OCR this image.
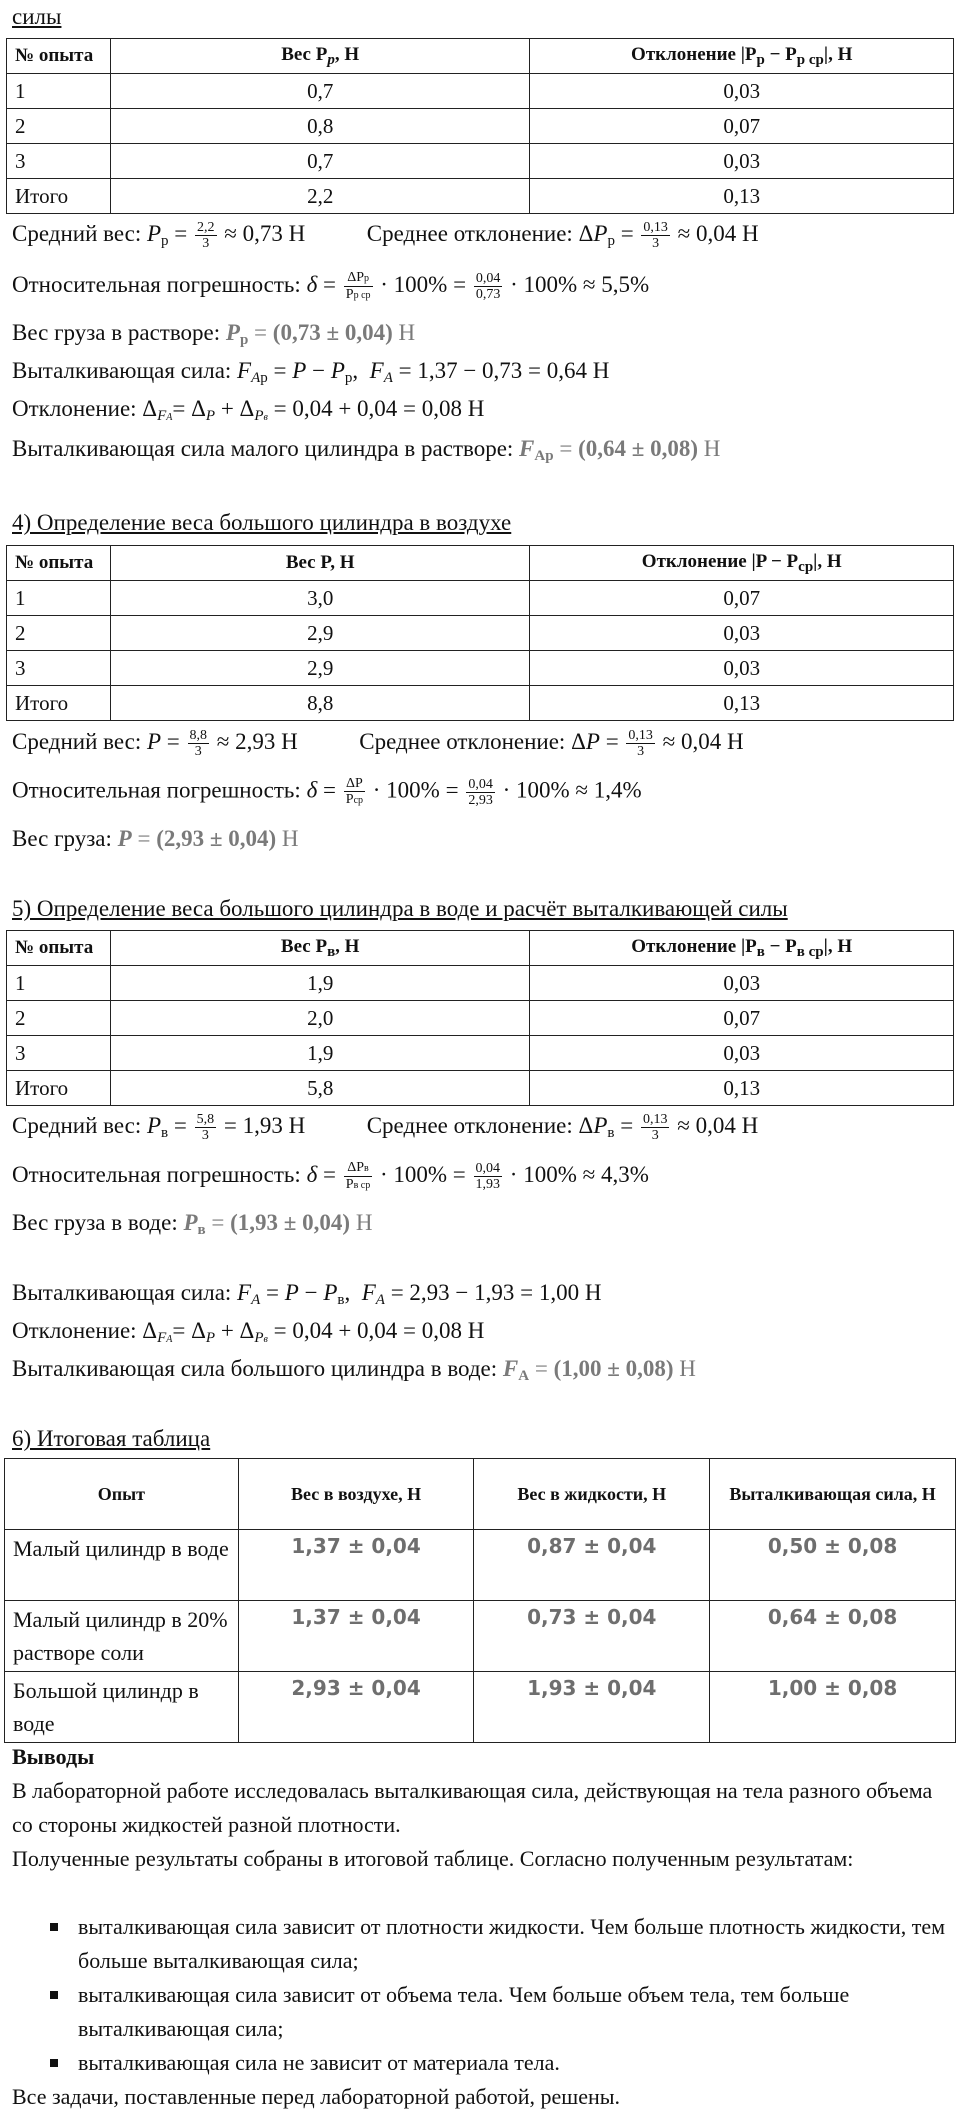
силы
№ опыта	Вес $P_р$, Н	Отклонение $|P_р - P_{р ср}|$, Н
1	0,7	0,03
2	0,8	0,07
3	0,7	0,03
Итого	2,2	0,13
Средний вес: $P_р = \frac{2,2}{3} \approx 0,73$ Н	Среднее отклонение: $\Delta P_р = \frac{0,13}{3} \approx 0,04$ Н
Относительная погрешность: $\delta = \frac{\text{ΔPр}}{\text{Pр ср}} \cdot 100\% = \frac{0,04}{0,73} \cdot 100\% \approx 5,5\%$
Вес груза в растворе: $P_р = (0,73 \pm 0,04)$ Н
Выталкивающая сила: $F_{Aр} = P - P_р$,  $F_A = 1,37 - 0,73 = 0,64$ Н
Отклонение: $\Delta_{FA}= \Delta_P + \Delta_{Pв} = 0,04 + 0,04 = 0,08$ Н
Выталкивающая сила малого цилиндра в растворе: $F_{Aр} = (0,64 \pm 0,08)$ Н
4) Определение веса большого цилиндра в воздухе
№ опыта	Вес P, Н	Отклонение $|P - P_{ср}|$, Н
1	3,0	0,07
2	2,9	0,03
3	2,9	0,03
Итого	8,8	0,13
Средний вес: $P = \frac{8,8}{3} \approx 2,93$ Н	Среднее отклонение: $\Delta P = \frac{0,13}{3} \approx 0,04$ Н
Относительная погрешность: $\delta = \frac{\Delta P}{\text{Pср}} \cdot 100\% = \frac{0,04}{2,93} \cdot 100\% \approx 1,4\%$
Вес груза: P = (2,93 ± 0,04) Н
5) Определение веса большого цилиндра в воде и расчёт выталкивающей силы
№ опыта	Вес $P_в$, Н	Отклонение $|P_в - P_{в ср}|$, Н
1	1,9	0,03
2	2,0	0,07
3	1,9	0,03
Итого	5,8	0,13
Средний вес: $P_в = \frac{5,8}{3} = 1,93$ Н	Среднее отклонение: $\Delta P_в = \frac{0,13}{3} \approx 0,04$ Н
Относительная погрешность: $\delta = \frac{\text{ΔPв}}{\text{Pв ср}} \cdot 100\% = \frac{0,04}{1,93} \cdot 100\% \approx 4,3\%$
Вес груза в воде: $P_в = (1,93 \pm 0,04)$ Н
Выталкивающая сила: $F_A = P - P_в$,  $F_A = 2,93 - 1,93 = 1,00$ Н
Отклонение: $\Delta_{FA}= \Delta_P + \Delta_{Pв} = 0,04 + 0,04 = 0,08$ Н
Выталкивающая сила большого цилиндра в воде: $F_A = (1,00 \pm 0,08)$ Н
6) Итоговая таблица
Опыт	Вес в воздухе, Н	Вес в жидкости, Н	Выталкивающая сила, Н
Малый цилиндр в воде	1,37 ± 0,04	0,87 ± 0,04	0,50 ± 0,08
Малый цилиндр в 20% растворе соли	1,37 ± 0,04	0,73 ± 0,04	0,64 ± 0,08
Большой цилиндр в воде	2,93 ± 0,04	1,93 ± 0,04	1,00 ± 0,08
Выводы
В лабораторной работе исследовалась выталкивающая сила, действующая на тела разного объема со стороны жидкостей разной плотности.
Полученные результаты собраны в итоговой таблице. Согласно полученным результатам:
выталкивающая сила зависит от плотности жидкости. Чем больше плотность жидкости, тем больше выталкивающая сила;
выталкивающая сила зависит от объема тела. Чем больше объем тела, тем больше выталкивающая сила;
выталкивающая сила не зависит от материала тела.
Все задачи, поставленные перед лабораторной работой, решены.
